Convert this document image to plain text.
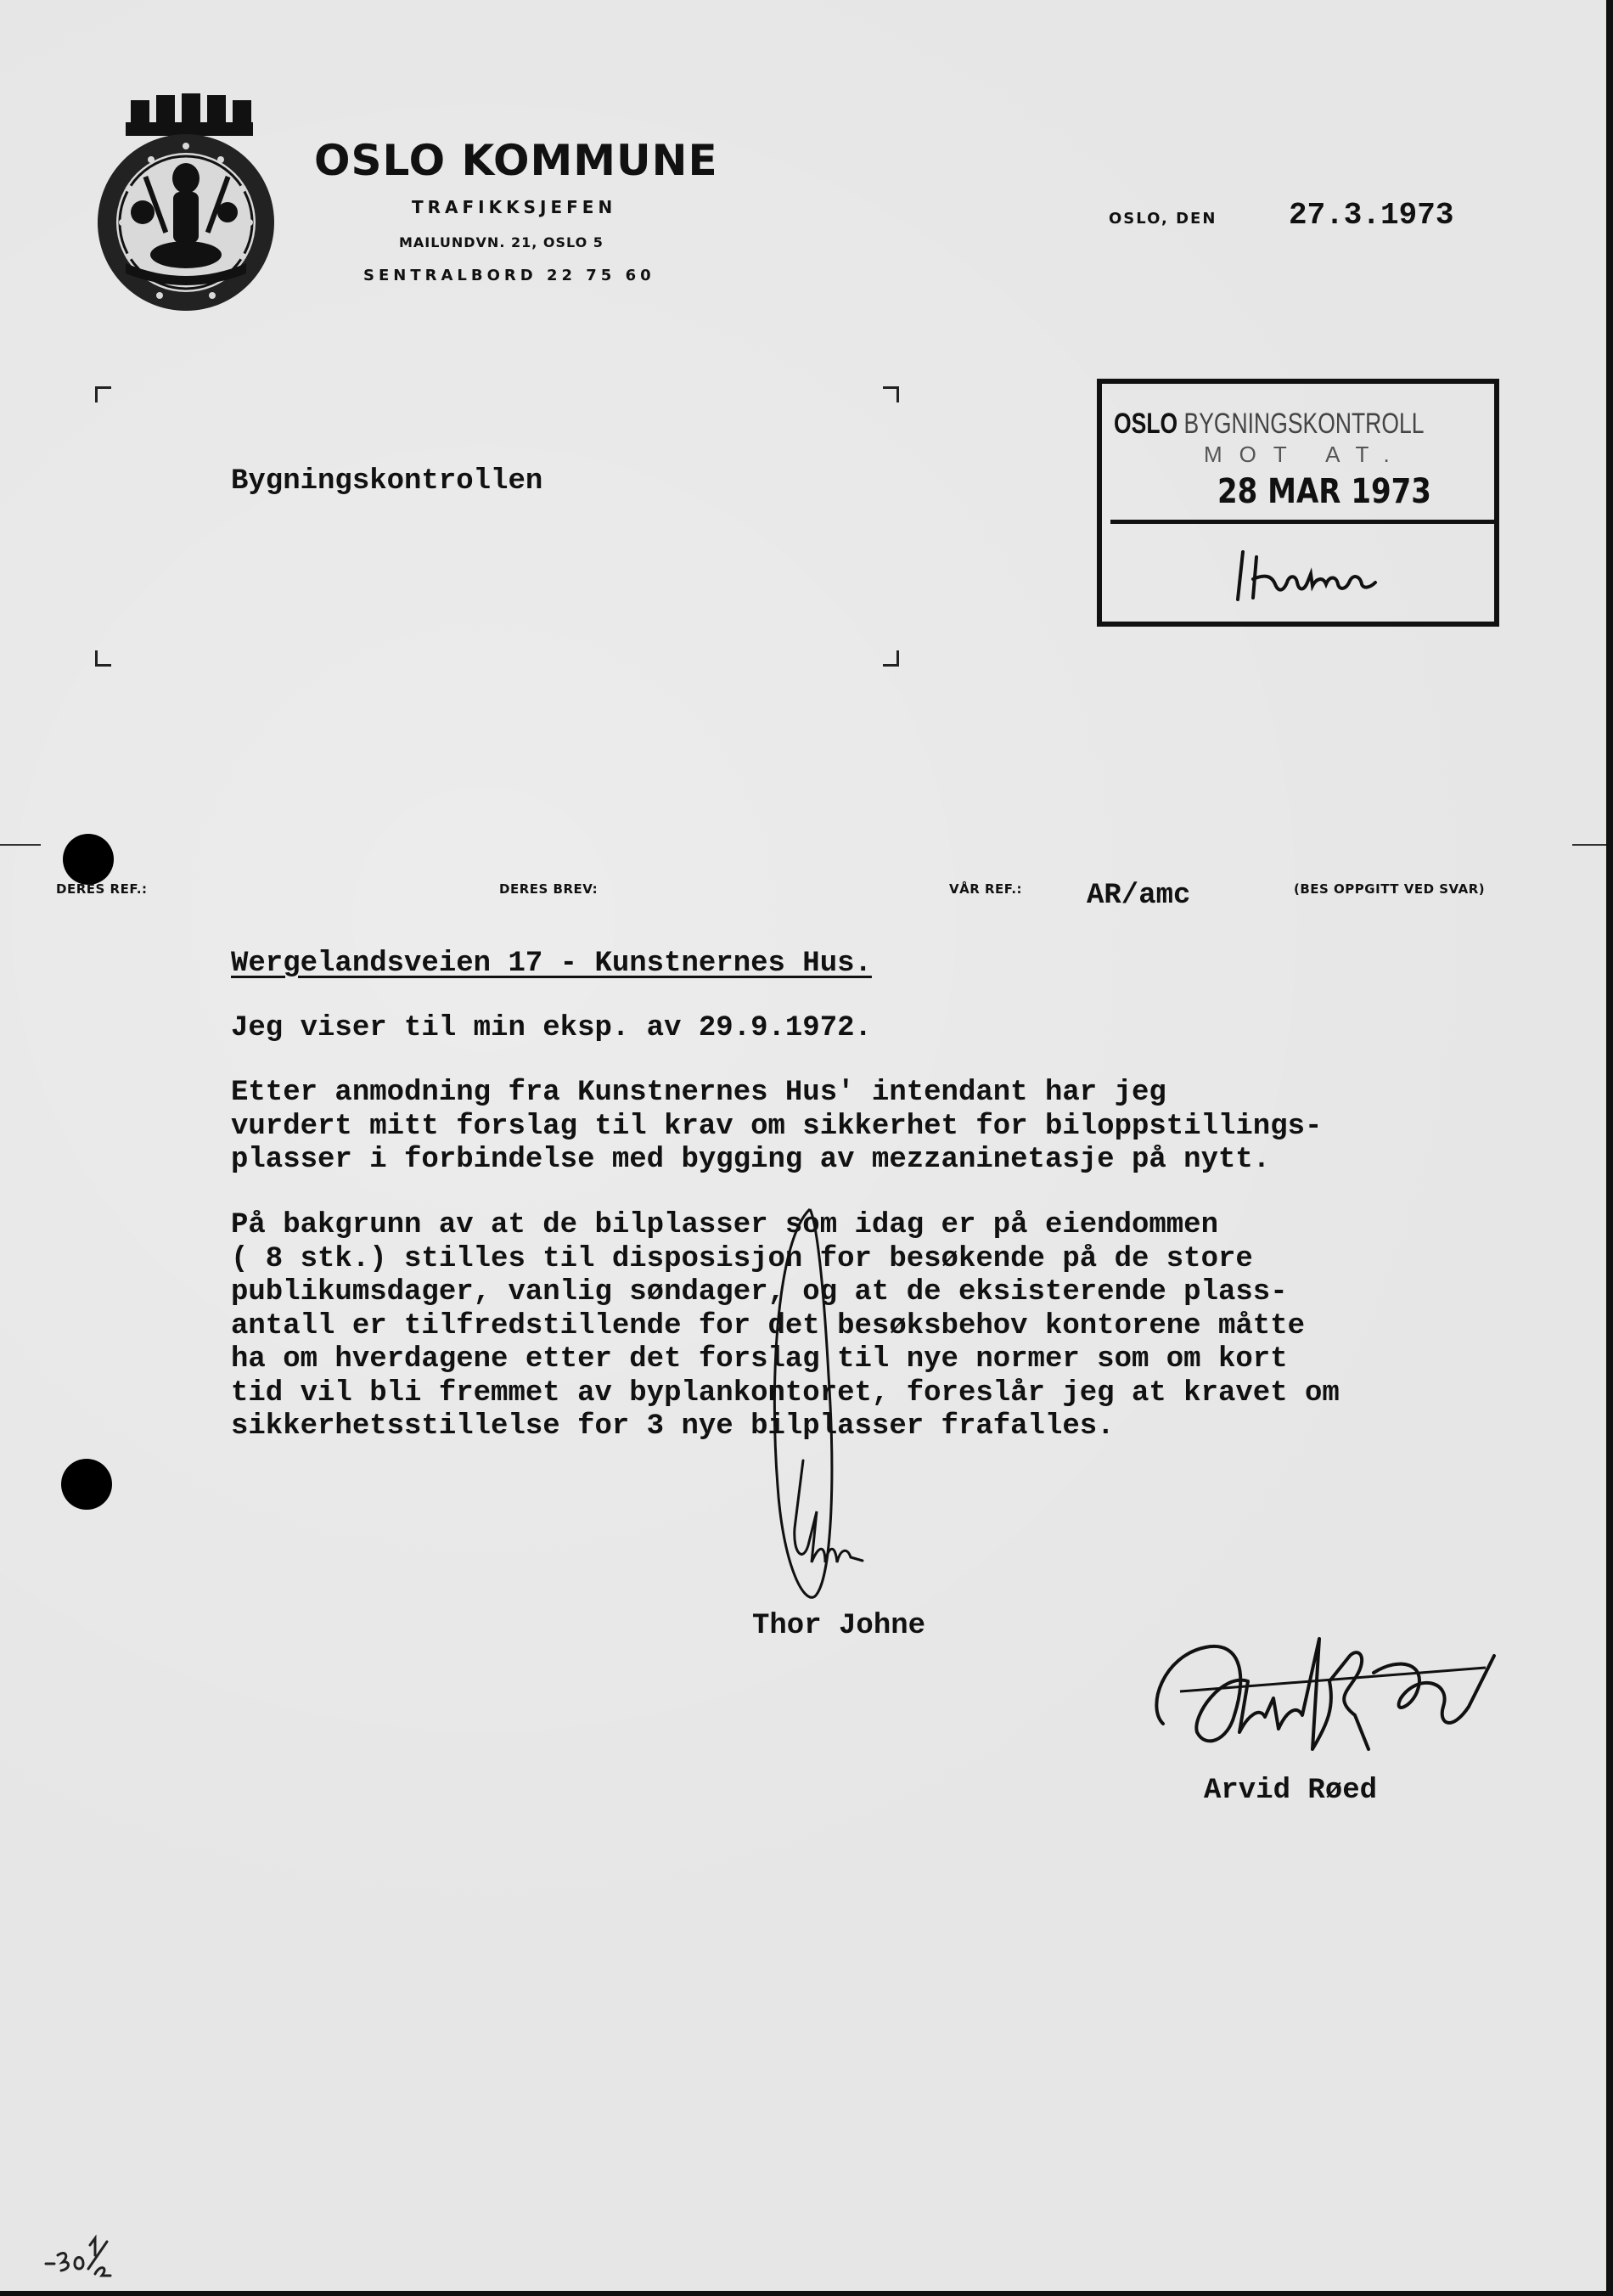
OSLO KOMMUNE
TRAFIKKSJEFEN
MAILUNDVN. 21, OSLO 5
SENTRALBORD 22 75 60
OSLO, DEN 27.3.1973
Bygningskontrollen
OSLO BYGNINGSKONTROLL
MOT AT.
28 MAR 1973
DERES REF.:	DERES BREV:	VÅR REF.: AR/amc	(BES OPPGITT VED SVAR)
Wergelandsveien 17 - Kunstnernes Hus.
Jeg viser til min eksp. av 29.9.1972.
Etter anmodning fra Kunstnernes Hus' intendant har jeg
vurdert mitt forslag til krav om sikkerhet for biloppstillings-
plasser i forbindelse med bygging av mezzaninetasje på nytt.
På bakgrunn av at de bilplasser som idag er på eiendommen
( 8 stk.) stilles til disposisjon for besøkende på de store
publikumsdager, vanlig søndager, og at de eksisterende plass-
antall er tilfredstillende for det besøksbehov kontorene måtte
ha om hverdagene etter det forslag til nye normer som om kort
tid vil bli fremmet av byplankontoret, foreslår jeg at kravet om
sikkerhetsstillelse for 3 nye bilplasser frafalles.
Thor Johne
Arvid Røed
